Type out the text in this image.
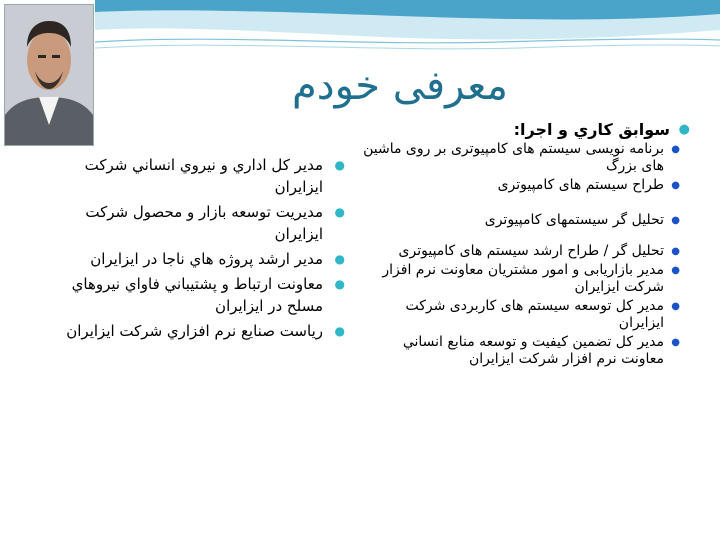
معرفی خودم
●
سوابق كاري و اجرا:
●
برنامه نويسی سيستم های کامپيوتری بر روی ماشين های بزرگ
●
طراح سيستم های کامپيوتری
●
تحليل گر سيستمهای کامپيوتری
●
تحليل گر / طراح ارشد سيستم های کامپيوتری
●
مدير بازاريابی و امور مشتريان معاونت نرم افزار شرکت ايزايران
●
مدير کل توسعه سيستم های کاربردی شرکت ايزايران
●
مدير کل تضمين کيفيت و توسعه منابع انساني معاونت نرم افزار شرکت ايزايران
●
مدير كل اداري و نيروي انساني شركت ايزايران
●
مديريت توسعه بازار و محصول شركت ايزايران
●
مدير ارشد پروژه هاي ناجا در ايزايران
●
معاونت ارتباط و پشتيباني فاواي نيروهاي مسلح در ايزايران
●
رياست صنايع نرم افزاري شركت ايزايران
